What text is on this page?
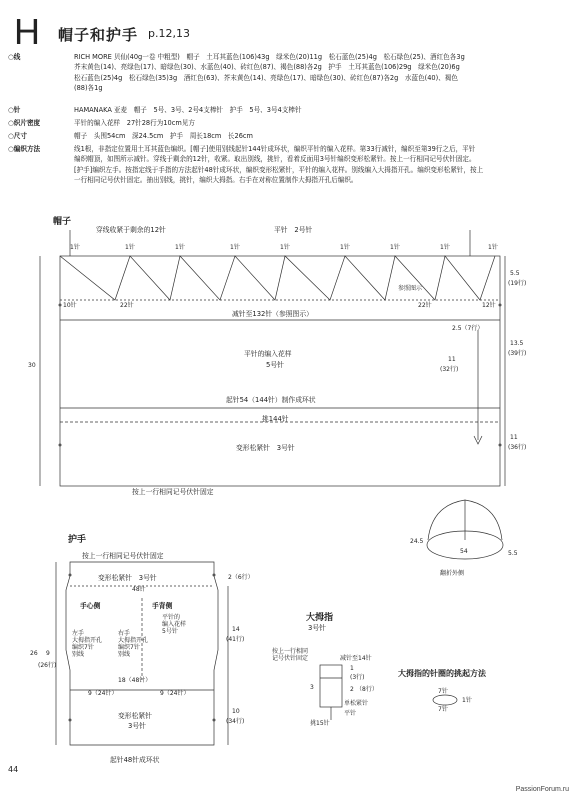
H 帽子和护手 p.12,13
○线	RICH MORE 贝仙(40g一卷 中粗型)　帽子　土耳其蓝色(106)43g　绿米色(20)11g　松石蓝色(25)4g　松石绿色(25)、酒红色各3g
芥末黄色(14)、亮绿色(17)、暗绿色(30)、水蓝色(40)、砖红色(87)、褐色(88)各2g　护手　土耳其蓝色(106)29g　绿米色(20)6g
松石蓝色(25)4g　松石绿色(35)3g　酒红色(63)、芥末黄色(14)、亮绿色(17)、暗绿色(30)、砖红色(87)各2g　水蓝色(40)、褐色
(88)各1g
○针	HAMANAKA 亚麦　帽子　5号、3号、2号4支棒针　护手　5号、3号4支棒针
○织片密度	平针的编入花样　27针28行为10cm见方
○尺寸	帽子　头围54cm　深24.5cm　护手　周长18cm　长26cm
○编织方法	线1根，非指定位置用土耳其蓝色编织。[帽子]使用别线起针144针成环状，编织平针的编入花样。第33行减针，编织至第39行之后，平针
编织帽顶，如图所示减针。穿线于剩余的12针，收紧。取出别线，挑针，看着反面用3号针编织变形松紧针。按上一行相同记号伏针固定。
[护手]编织左手。按指定线于手指的方法起针48针成环状，编织变形松紧针，平针的编入花样。别线编入大拇指开孔。编织变形松紧针，按上
一行相同记号伏针固定。抽出别线，挑针，编织大拇指。右手在对称位置制作大拇指开孔后编织。
帽子
穿线收紧于剩余的12针	平针　2号针
1针	1针	1针	1针	1针	1针	1针	1针	1针
10针	22针	22针	12针
参照图示
减针至132针（参照图示）
5.5
(19行)
2.5（7行）
13.5
(39行)
30
平针的编入花样
5号针
11
(32行)
起针54（144针）制作成环状
挑144针
变形松紧针　3号针
11
(36行)
按上一行相同记号伏针固定
24.5
54	5.5
翻折外侧
护手
按上一行相同记号伏针固定
变形松紧针　3号针	2（6行）
48针
手心侧	手背侧
左手
大拇指开孔
编织7针
别线
右手
大拇指开孔
编织7针
别线
平针的
编入花样
5号针	14
(41行)
26 9
(26行)
18（48针）
9（24针）	9（24针）
变形松紧针
3号针
10
(34行)
起针48针成环状
大拇指
3号针
按上一行相同
记号伏针固定	减针至14针
1
(3行)
3	2 （8行）
单松紧针
平针
挑15针
大拇指的针圈的挑起方法
7针
7针
1针
44
PassionForum.ru
